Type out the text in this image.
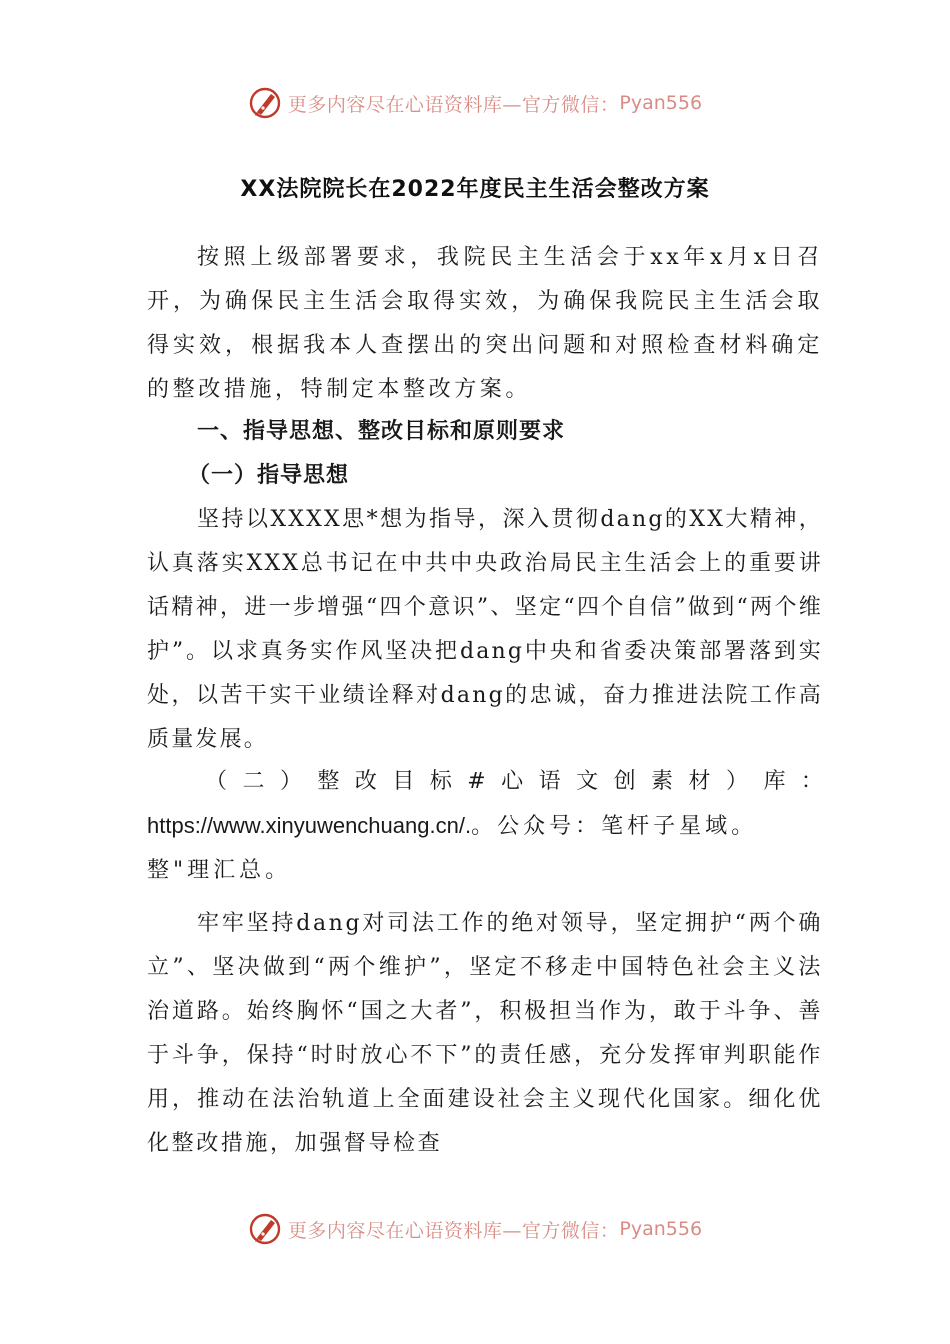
更多内容尽在心语资料库—官方微信： Pyan556
XX法院院长在2022年度民主生活会整改方案
按照上级部署要求，我院民主生活会于xx年x月x日召开，为确保民主生活会取得实效，为确保我院民主生活会取得实效，根据我本人查摆出的突出问题和对照检查材料确定的整改措施，特制定本整改方案。
一、指导思想、整改目标和原则要求
（一）指导思想
坚持以XXXX思*想为指导，深入贯彻dang的XX大精神，认真落实XXX总书记在中共中央政治局民主生活会上的重要讲话精神，进一步增强“四个意识”、坚定“四个自信”做到“两个维护”。以求真务实作风坚决把dang中央和省委决策部署落到实处，以苦干实干业绩诠释对dang的忠诚，奋力推进法院工作高质量发展。
（ 二 ） 整 改 目 标 # 心 语 文 创 素 材 ） 库 ：
https://www.xinyuwenchuang.cn/.。公众号：笔杆子星域。
整"理汇总。
牢牢坚持dang对司法工作的绝对领导，坚定拥护“两个确立”、坚决做到“两个维护”，坚定不移走中国特色社会主义法治道路。始终胸怀“国之大者”，积极担当作为，敢于斗争、善于斗争，保持“时时放心不下”的责任感，充分发挥审判职能作用，推动在法治轨道上全面建设社会主义现代化国家。细化优化整改措施，加强督导检查
更多内容尽在心语资料库—官方微信： Pyan556
